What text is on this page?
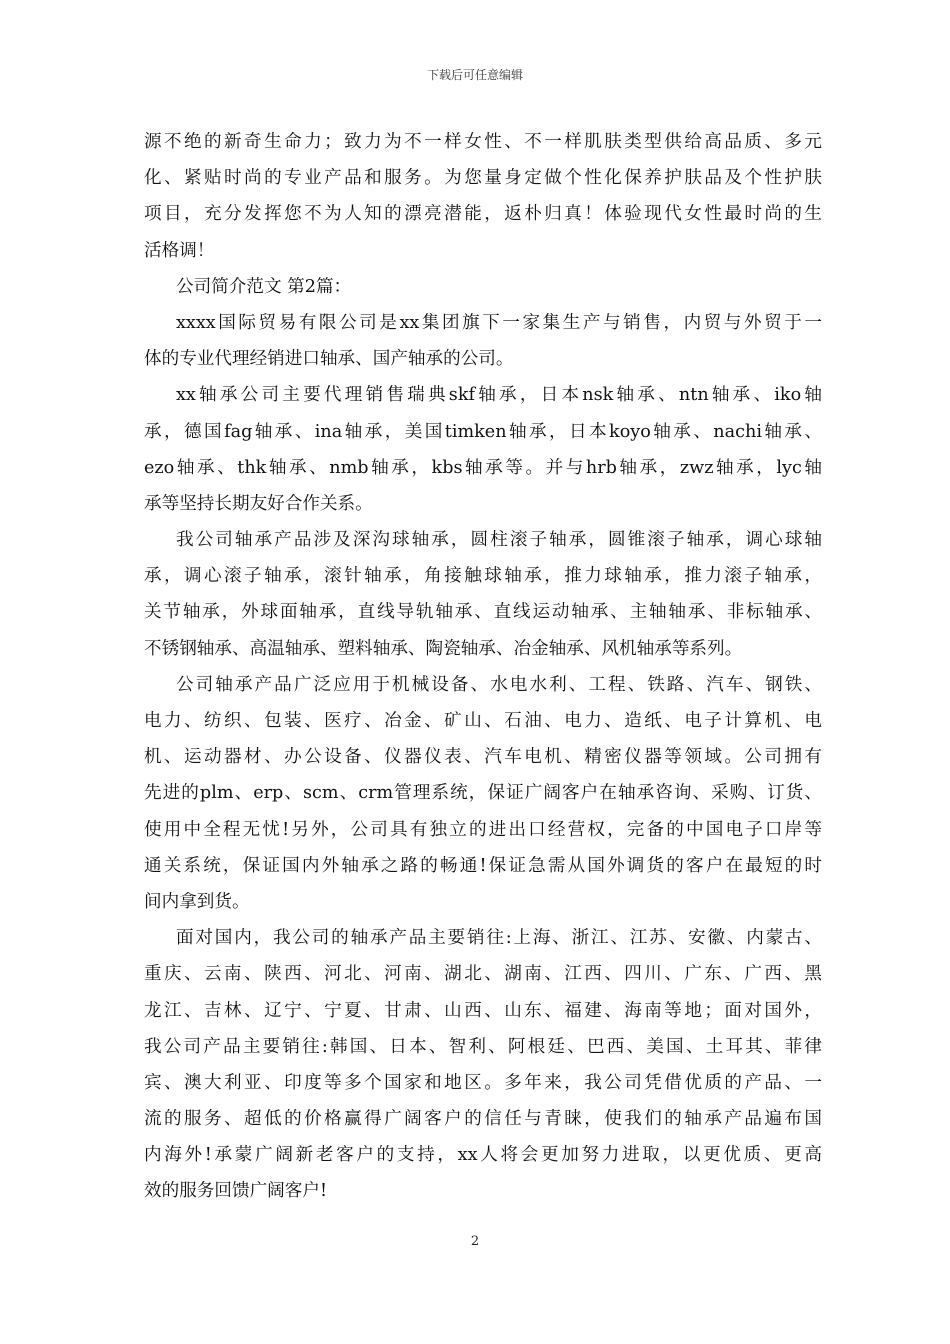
下载后可任意编辑
源不绝的新奇生命力；致力为不一样女性、不一样肌肤类型供给高品质、多元
化、紧贴时尚的专业产品和服务。为您量身定做个性化保养护肤品及个性护肤
项目，充分发挥您不为人知的漂亮潜能，返朴归真！体验现代女性最时尚的生
活格调！
公司简介范文 第2篇：
xxxx国际贸易有限公司是xx集团旗下一家集生产与销售，内贸与外贸于一
体的专业代理经销进口轴承、国产轴承的公司。
xx轴承公司主要代理销售瑞典skf轴承，日本nsk轴承、ntn轴承、iko轴
承，德国fag轴承、ina轴承，美国timken轴承，日本koyo轴承、nachi轴承、
ezo轴承、thk轴承、nmb轴承，kbs轴承等。并与hrb轴承，zwz轴承，lyc轴
承等坚持长期友好合作关系。
我公司轴承产品涉及深沟球轴承，圆柱滚子轴承，圆锥滚子轴承，调心球轴
承，调心滚子轴承，滚针轴承，角接触球轴承，推力球轴承，推力滚子轴承，
关节轴承，外球面轴承，直线导轨轴承、直线运动轴承、主轴轴承、非标轴承、
不锈钢轴承、高温轴承、塑料轴承、陶瓷轴承、冶金轴承、风机轴承等系列。
公司轴承产品广泛应用于机械设备、水电水利、工程、铁路、汽车、钢铁、
电力、纺织、包装、医疗、冶金、矿山、石油、电力、造纸、电子计算机、电
机、运动器材、办公设备、仪器仪表、汽车电机、精密仪器等领域。公司拥有
先进的plm、erp、scm、crm管理系统，保证广阔客户在轴承咨询、采购、订货、
使用中全程无忧!另外，公司具有独立的进出口经营权，完备的中国电子口岸等
通关系统，保证国内外轴承之路的畅通!保证急需从国外调货的客户在最短的时
间内拿到货。
面对国内，我公司的轴承产品主要销往:上海、浙江、江苏、安徽、内蒙古、
重庆、云南、陕西、河北、河南、湖北、湖南、江西、四川、广东、广西、黑
龙江、吉林、辽宁、宁夏、甘肃、山西、山东、福建、海南等地；面对国外，
我公司产品主要销往:韩国、日本、智利、阿根廷、巴西、美国、土耳其、菲律
宾、澳大利亚、印度等多个国家和地区。多年来，我公司凭借优质的产品、一
流的服务、超低的价格赢得广阔客户的信任与青睐，使我们的轴承产品遍布国
内海外!承蒙广阔新老客户的支持，xx人将会更加努力进取，以更优质、更高
效的服务回馈广阔客户!
2
